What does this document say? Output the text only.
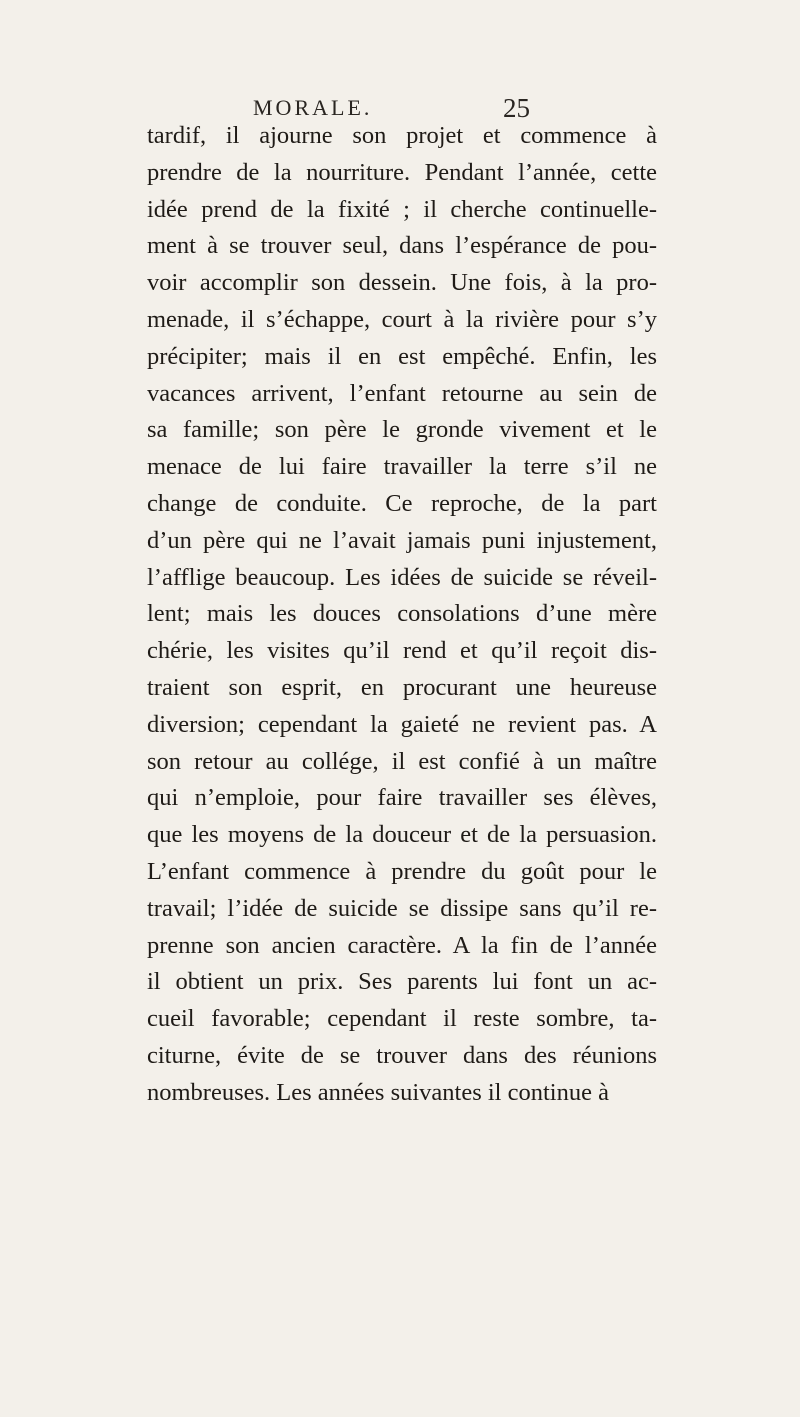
MORALE.	25
tardif, il ajourne son projet et commence à
prendre de la nourriture. Pendant l’année, cette
idée prend de la fixité ; il cherche continuelle-
ment à se trouver seul, dans l’espérance de pou-
voir accomplir son dessein. Une fois, à la pro-
menade, il s’échappe, court à la rivière pour s’y
précipiter; mais il en est empêché. Enfin, les
vacances arrivent, l’enfant retourne au sein de
sa famille; son père le gronde vivement et le
menace de lui faire travailler la terre s’il ne
change de conduite. Ce reproche, de la part
d’un père qui ne l’avait jamais puni injustement,
l’afflige beaucoup. Les idées de suicide se réveil-
lent; mais les douces consolations d’une mère
chérie, les visites qu’il rend et qu’il reçoit dis-
traient son esprit, en procurant une heureuse
diversion; cependant la gaieté ne revient pas. A
son retour au collége, il est confié à un maître
qui n’emploie, pour faire travailler ses élèves,
que les moyens de la douceur et de la persuasion.
L’enfant commence à prendre du goût pour le
travail; l’idée de suicide se dissipe sans qu’il re-
prenne son ancien caractère. A la fin de l’année
il obtient un prix. Ses parents lui font un ac-
cueil favorable; cependant il reste sombre, ta-
citurne, évite de se trouver dans des réunions
nombreuses. Les années suivantes il continue à
